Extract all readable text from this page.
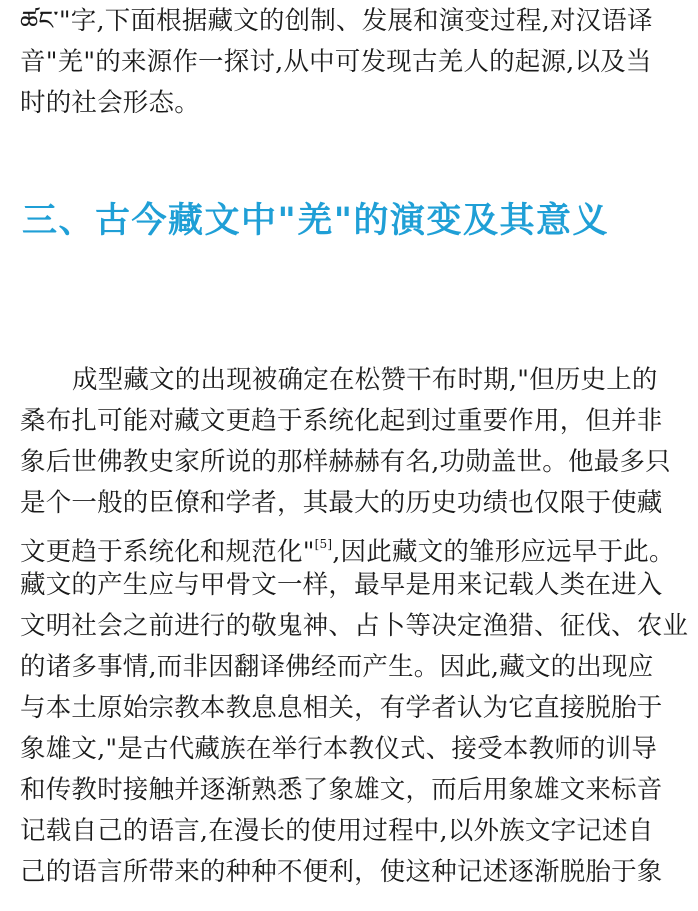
ཚང་"字,下面根据藏文的创制、发展和演变过程,对汉语译
音"羌"的来源作一探讨,从中可发现古羌人的起源,以及当
时的社会形态。
三、古今藏文中"羌"的演变及其意义
成型藏文的出现被确定在松赞干布时期,"但历史上的
桑布扎可能对藏文更趋于系统化起到过重要作用，但并非
象后世佛教史家所说的那样赫赫有名,功勋盖世。他最多只
是个一般的臣僚和学者，其最大的历史功绩也仅限于使藏
文更趋于系统化和规范化"[5],因此藏文的雏形应远早于此。
藏文的产生应与甲骨文一样，最早是用来记载人类在进入
文明社会之前进行的敬鬼神、占卜等决定渔猎、征伐、农业
的诸多事情,而非因翻译佛经而产生。因此,藏文的出现应
与本土原始宗教本教息息相关，有学者认为它直接脱胎于
象雄文,"是古代藏族在举行本教仪式、接受本教师的训导
和传教时接触并逐渐熟悉了象雄文，而后用象雄文来标音
记载自己的语言,在漫长的使用过程中,以外族文字记述自
己的语言所带来的种种不便利，使这种记述逐渐脱胎于象
